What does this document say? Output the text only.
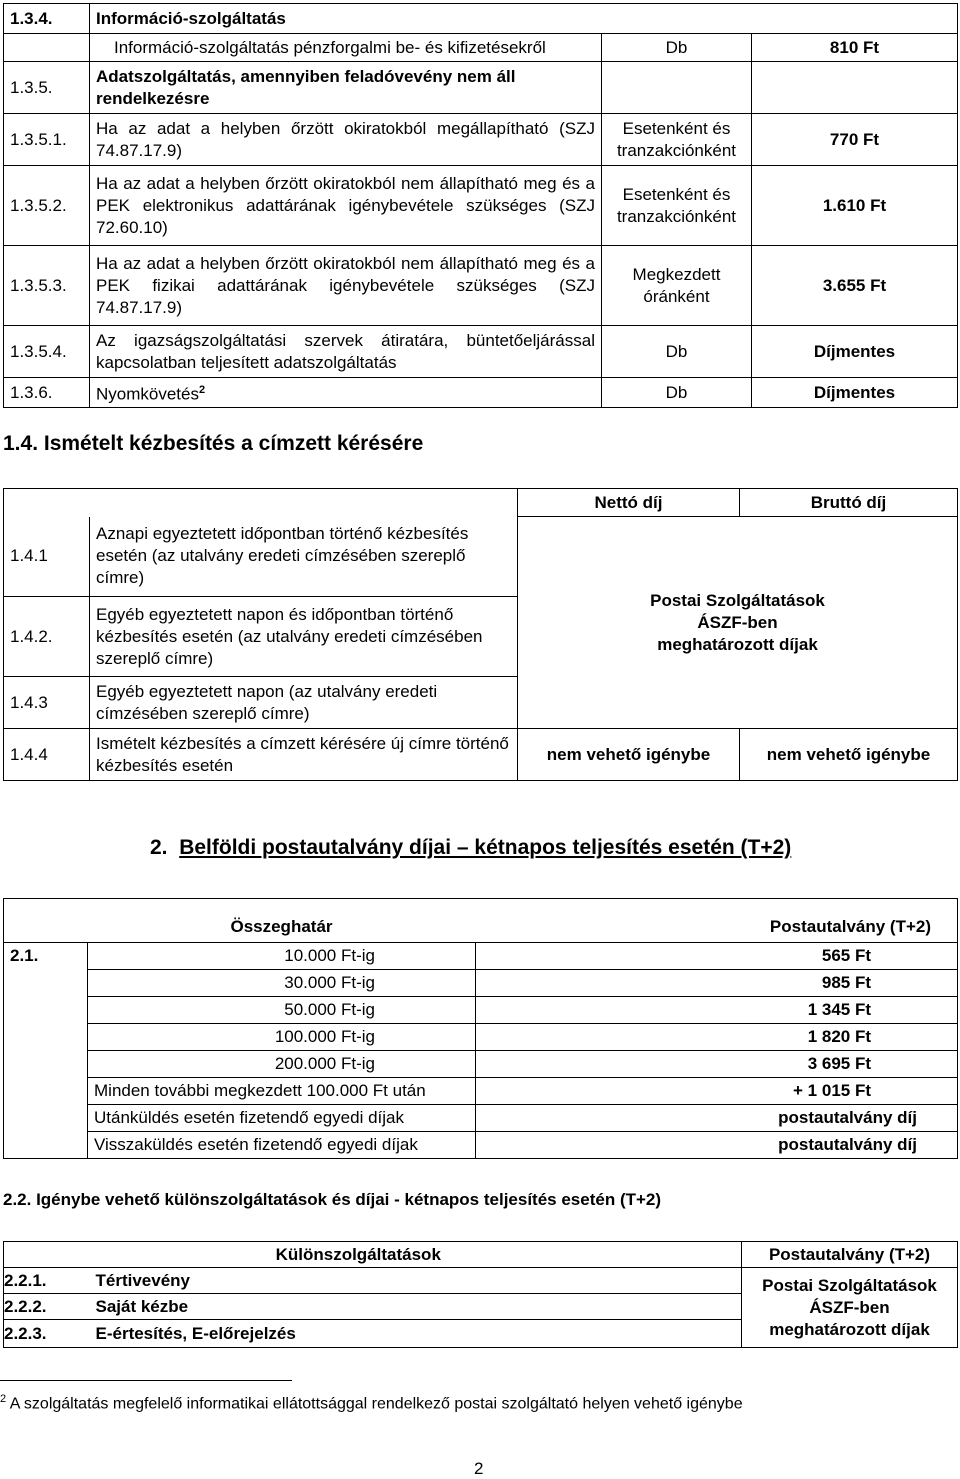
1.3.4.	Információ-szolgáltatás		
	Információ-szolgáltatás pénzforgalmi be- és kifizetésekről	Db	810 Ft
1.3.5.	Adatszolgáltatás, amennyiben feladóvevény nem áll rendelkezésre		
1.3.5.1.	Ha az adat a helyben őrzött okiratokból megállapítható (SZJ 74.87.17.9)	Esetenként és tranzakciónként	770 Ft
1.3.5.2.	Ha az adat a helyben őrzött okiratokból nem állapítható meg és a PEK elektronikus adattárának igénybevétele szükséges (SZJ 72.60.10)	Esetenként és tranzakciónként	1.610 Ft
1.3.5.3.	Ha az adat a helyben őrzött okiratokból nem állapítható meg és a PEK fizikai adattárának igénybevétele szükséges (SZJ 74.87.17.9)	Megkezdett óránként	3.655 Ft
1.3.5.4.	Az igazságszolgáltatási szervek átiratára, büntetőeljárással kapcsolatban teljesített adatszolgáltatás	Db	Díjmentes
1.3.6.	Nyomkövetés$^2$	Db	Díjmentes
1.4. Ismételt kézbesítés a címzett kérésére
		Nettó díj	Bruttó díj
1.4.1	Aznapi egyeztetett időpontban történő kézbesítés esetén (az utalvány eredeti címzésében szereplő címre)	Postai Szolgáltatások ÁSZF-ben meghatározott díjak	
1.4.2.	Egyéb egyeztetett napon és időpontban történő kézbesítés esetén (az utalvány eredeti címzésében szereplő címre)		
1.4.3	Egyéb egyeztetett napon (az utalvány eredeti címzésében szereplő címre)		
1.4.4	Ismételt kézbesítés a címzett kérésére új címre történő kézbesítés esetén	nem vehető igénybe	nem vehető igénybe
2. Belföldi postautalvány díjai – kétnapos teljesítés esetén (T+2)
	Összeghatár	Postautalvány (T+2)
2.1.	10.000 Ft-ig	565 Ft
	30.000 Ft-ig	985 Ft
	50.000 Ft-ig	1 345 Ft
	100.000 Ft-ig	1 820 Ft
	200.000 Ft-ig	3 695 Ft
	Minden további megkezdett 100.000 Ft után	+ 1 015 Ft
	Utánküldés esetén fizetendő egyedi díjak	postautalvány díj
	Visszaküldés esetén fizetendő egyedi díjak	postautalvány díj
2.2. Igénybe vehető különszolgáltatások és díjai - kétnapos teljesítés esetén (T+2)
	Különszolgáltatások	Postautalvány (T+2)
2.2.1.	Tértivevény	Postai Szolgáltatások ÁSZF-ben meghatározott díjak
2.2.2.	Saját kézbe	
2.2.3.	E-értesítés, E-előrejelzés	
$^2$ A szolgáltatás megfelelő informatikai ellátottsággal rendelkező postai szolgáltató helyen vehető igénybe
2
